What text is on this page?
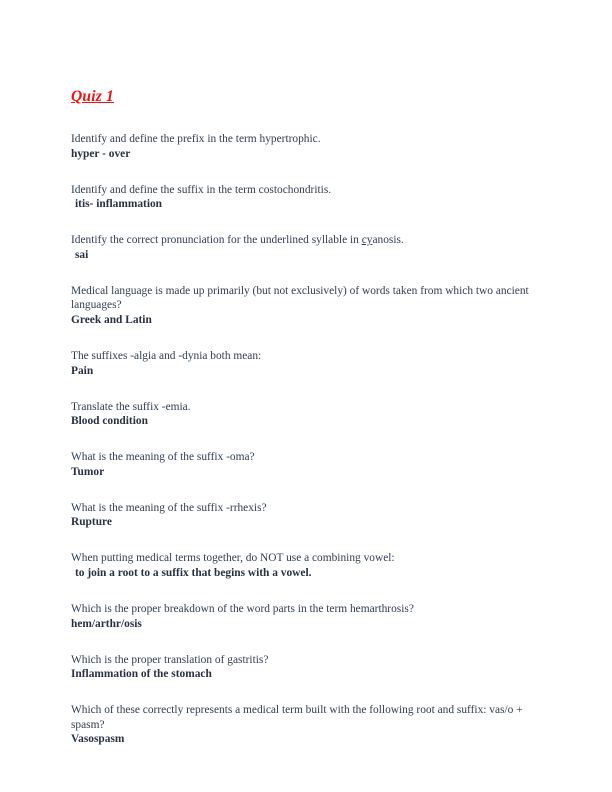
Quiz 1

Identify and define the prefix in the term hypertrophic.

hyper - over

Identify and define the suffix in the term costochondritis.

itis- inflammation

Identify the correct pronunciation for the underlined syllable in cyanosis.

sai

Medical language is made up primarily (but not exclusively) of words taken from which two ancient languages?

Greek and Latin

The suffixes -algia and -dynia both mean:

Pain

Translate the suffix -emia.

Blood condition

What is the meaning of the suffix -oma?

Tumor

What is the meaning of the suffix -rrhexis?

Rupture

When putting medical terms together, do NOT use a combining vowel:

to join a root to a suffix that begins with a vowel.

Which is the proper breakdown of the word parts in the term hemarthrosis?

hem/arthr/osis

Which is the proper translation of gastritis?

Inflammation of the stomach

Which of these correctly represents a medical term built with the following root and suffix: vas/o + spasm?

Vasospasm
